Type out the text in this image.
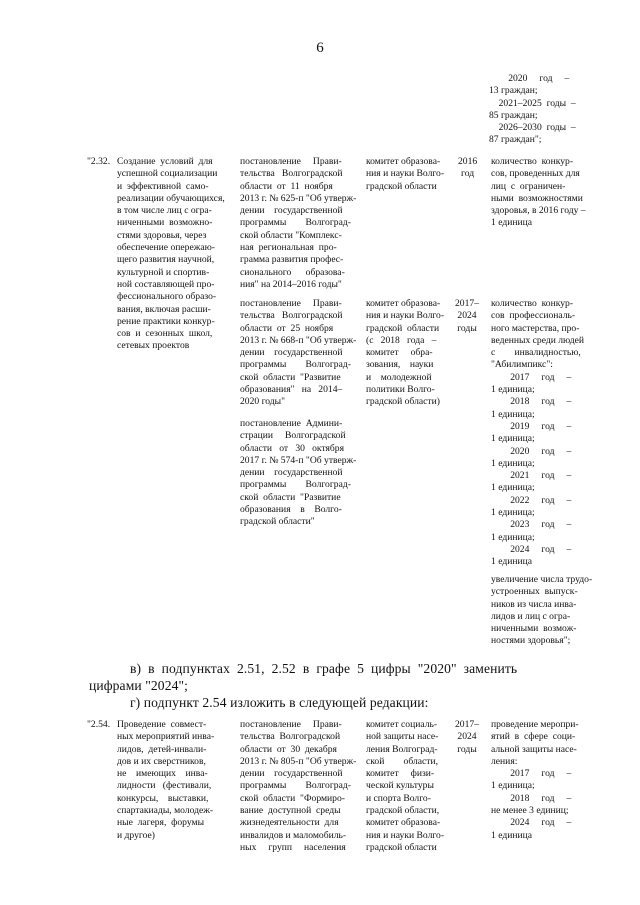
6
2020     год     –
13 граждан;
2021–2025  годы  –
85 граждан;
2026–2030  годы  –
87 граждан";
"2.32. Создание  условий  для
успешной социализации
и  эффективной  само-
реализации обучающихся,
в том числе лиц с огра-
ниченными  возможно-
стями здоровья, через
обеспечение опережаю-
щего развития научной,
культурной и спортив-
ной составляющей про-
фессионального образо-
вания, включая расши-
рение практики конкур-
сов  и  сезонных  школ,
сетевых проектов
постановление     Прави-
тельства   Волгоградской
области  от  11  ноября
2013 г. № 625-п "Об утверж-
дении    государственной
программы        Волгоград-
ской области "Комплекс-
ная  региональная  про-
грамма развития профес-
сионального      образова-
ния" на 2014–2016 годы"
комитет образова-
ния и науки Волго-
градской области
2016
год
количество  конкур-
сов, проведенных для
лиц  с  ограничен-
ными  возможностями
здоровья, в 2016 году –
1 единица
постановление     Прави-
тельства   Волгоградской
области  от  25  ноября
2013 г. № 668-п "Об утверж-
дении    государственной
программы        Волгоград-
ской  области  "Развитие
образования"   на   2014–
2020 годы"
комитет образова-
ния и науки Волго-
градской  области
(с   2018   года   –
комитет     обра-
зования,    науки
и    молодежной
политики Волго-
градской области)
2017–
2024
годы
количество  конкур-
сов  профессиональ-
ного мастерства, про-
веденных среди людей
с        инвалидностью,
"Абилимпикс":
2017     год     –
1 единица;
2018     год     –
1 единица;
2019     год     –
1 единица;
2020     год     –
1 единица;
2021     год     –
1 единица;
2022     год     –
1 единица;
2023     год     –
1 единица;
2024     год     –
1 единица
постановление  Админи-
страции     Волгоградской
области   от   30   октября
2017 г. № 574-п "Об утверж-
дении    государственной
программы        Волгоград-
ской  области  "Развитие
образования    в    Волго-
градской области"
увеличение числа трудо-
устроенных  выпуск-
ников из числа инва-
лидов и лиц с огра-
ниченными  возмож-
ностями здоровья";
в)  в  подпунктах  2.51,  2.52  в  графе  5  цифры  "2020"  заменить
цифрами "2024";
г) подпункт 2.54 изложить в следующей редакции:
"2.54. Проведение  совмест-
ных мероприятий инва-
лидов,  детей-инвали-
дов и их сверстников,
не    имеющих    инва-
лидности   (фестивали,
конкурсы,    выставки,
спартакиады, молодеж-
ные  лагеря,  форумы
и другое)
постановление     Прави-
тельства  Волгоградской
области  от  30  декабря
2013 г. № 805-п "Об утверж-
дении    государственной
программы        Волгоград-
ской  области  "Формиро-
вание  доступной  среды
жизнедеятельности  для
инвалидов и маломобиль-
ных     групп     населения
комитет социаль-
ной защиты насе-
ления Волгоград-
ской        области,
комитет     физи-
ческой культуры
и спорта Волго-
градской области,
комитет образова-
ния и науки Волго-
градской области
2017–
2024
годы
проведение меропри-
ятий  в  сфере  соци-
альной защиты насе-
ления:
2017     год     –
1 единица;
2018     год     –
не менее 3 единиц;
2024     год     –
1 единица
